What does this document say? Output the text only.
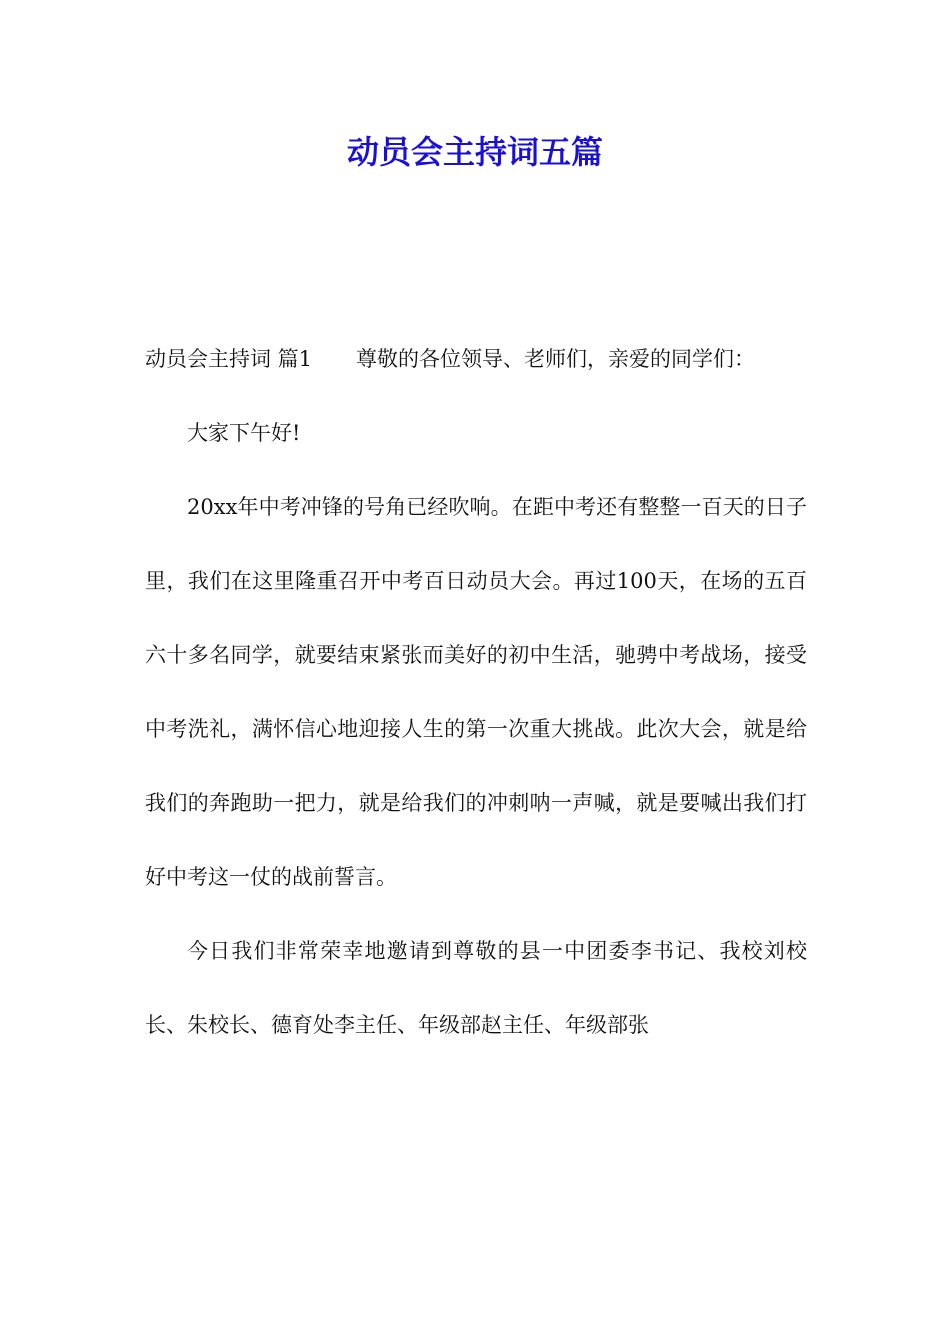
动员会主持词五篇

动员会主持词 篇1 尊敬的各位领导、老师们，亲爱的同学们：

大家下午好!

20xx年中考冲锋的号角已经吹响。在距中考还有整整一百天的日子里，我们在这里隆重召开中考百日动员大会。再过100天，在场的五百六十多名同学，就要结束紧张而美好的初中生活，驰骋中考战场，接受中考洗礼，满怀信心地迎接人生的第一次重大挑战。此次大会，就是给我们的奔跑助一把力，就是给我们的冲刺呐一声喊，就是要喊出我们打好中考这一仗的战前誓言。

今日我们非常荣幸地邀请到尊敬的县一中团委李书记、我校刘校长、朱校长、德育处李主任、年级部赵主任、年级部张
